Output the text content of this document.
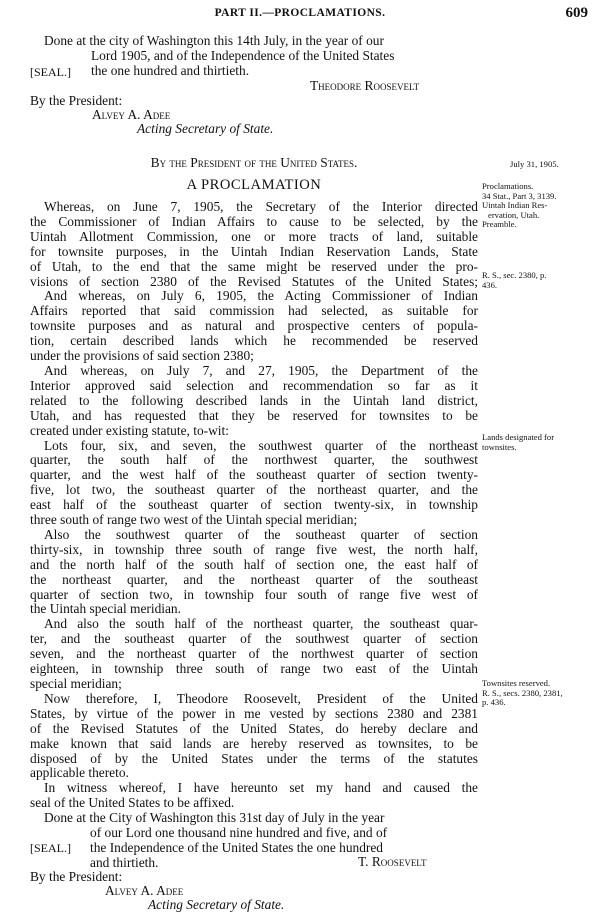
PART II.—PROCLAMATIONS.	609

Done at the city of Washington this 14th July, in the year of our

Lord 1905, and of the Independence of the United States

the one hundred and thirtieth.

[SEAL.]
Theodore Roosevelt
By the President:
Alvey A. Adee
Acting Secretary of State.
By the President of the United States.
A PROCLAMATION

Whereas, on June 7, 1905, the Secretary of the Interior directed

the Commissioner of Indian Affairs to cause to be selected, by the

Uintah Allotment Commission, one or more tracts of land, suitable

for townsite purposes, in the Uintah Indian Reservation Lands, State

of Utah, to the end that the same might be reserved under the pro-

visions of section 2380 of the Revised Statutes of the United States;

And whereas, on July 6, 1905, the Acting Commissioner of Indian

Affairs reported that said commission had selected, as suitable for

townsite purposes and as natural and prospective centers of popula-

tion, certain described lands which he recommended be reserved

under the provisions of said section 2380;

And whereas, on July 7, and 27, 1905, the Department of the

Interior approved said selection and recommendation so far as it

related to the following described lands in the Uintah land district,

Utah, and has requested that they be reserved for townsites to be

created under existing statute, to-wit:

Lots four, six, and seven, the southwest quarter of the northeast

quarter, the south half of the northwest quarter, the southwest

quarter, and the west half of the southeast quarter of section twenty-

five, lot two, the southeast quarter of the northeast quarter, and the

east half of the southeast quarter of section twenty-six, in township

three south of range two west of the Uintah special meridian;

Also the southwest quarter of the southeast quarter of section

thirty-six, in township three south of range five west, the north half,

and the north half of the south half of section one, the east half of

the northeast quarter, and the northeast quarter of the southeast

quarter of section two, in township four south of range five west of

the Uintah special meridian.

And also the south half of the northeast quarter, the southeast quar-

ter, and the southeast quarter of the southwest quarter of section

seven, and the northeast quarter of the northwest quarter of section

eighteen, in township three south of range two east of the Uintah

special meridian;

Now therefore, I, Theodore Roosevelt, President of the United

States, by virtue of the power in me vested by sections 2380 and 2381

of the Revised Statutes of the United States, do hereby declare and

make known that said lands are hereby reserved as townsites, to be

disposed of by the United States under the terms of the statutes

applicable thereto.

In witness whereof, I have hereunto set my hand and caused the

seal of the United States to be affixed.

Done at the City of Washington this 31st day of July in the year

of our Lord one thousand nine hundred and five, and of

the Independence of the United States the one hundred

and thirtieth.

[SEAL.]
T. Roosevelt
By the President:
Alvey A. Adee
Acting Secretary of State.
July 31, 1905.
Proclamations.
34 Stat., Part 3, 3139.
Uintah Indian Res-
ervation, Utah.
Preamble.
R. S., sec. 2380, p.
436.
Lands designated for
townsites.
Townsites reserved.
R. S., secs. 2380, 2381,
p. 436.
